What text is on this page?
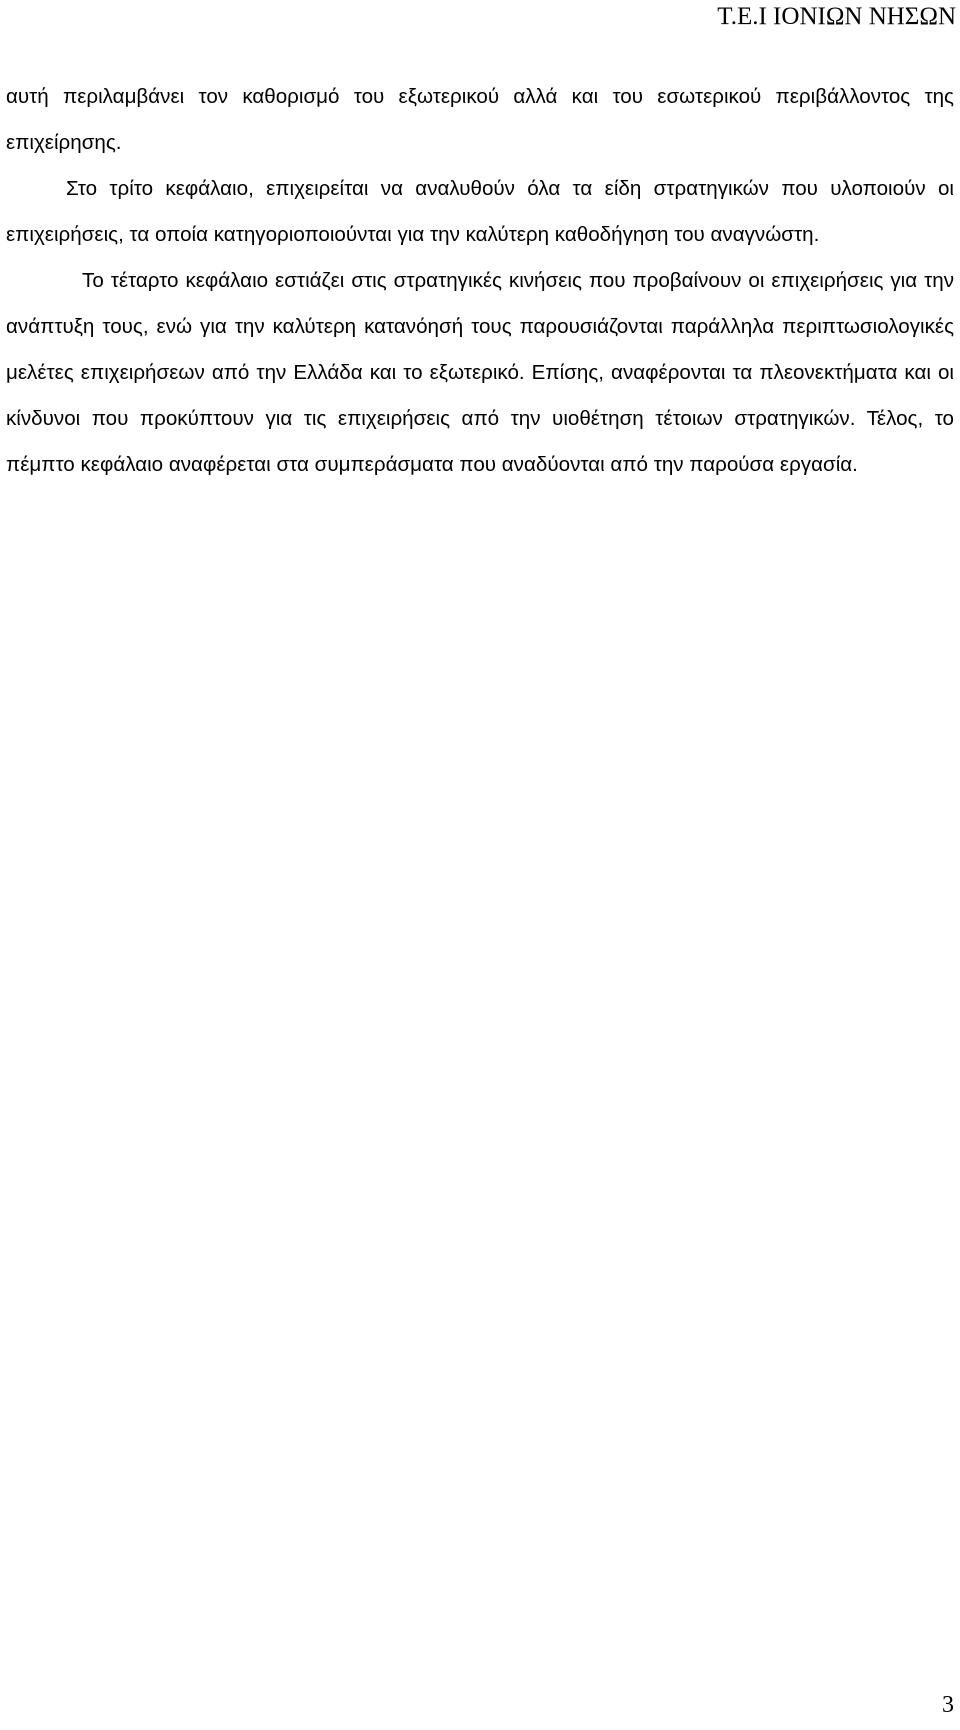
Τ.Ε.Ι ΙΟΝΙΩΝ ΝΗΣΩΝ

αυτή περιλαμβάνει τον καθορισμό του εξωτερικού αλλά και του εσωτερικού περιβάλλοντος της επιχείρησης.

Στο τρίτο κεφάλαιο, επιχειρείται να αναλυθούν όλα τα είδη στρατηγικών που υλοποιούν οι επιχειρήσεις, τα οποία κατηγοριοποιούνται για την καλύτερη καθοδήγηση του αναγνώστη.

Το τέταρτο κεφάλαιο εστιάζει στις στρατηγικές κινήσεις που προβαίνουν οι επιχειρήσεις για την ανάπτυξη τους, ενώ για την καλύτερη κατανόησή τους παρουσιάζονται παράλληλα περιπτωσιολογικές μελέτες επιχειρήσεων από την Ελλάδα και το εξωτερικό. Επίσης, αναφέρονται τα πλεονεκτήματα και οι κίνδυνοι που προκύπτουν για τις επιχειρήσεις από την υιοθέτηση τέτοιων στρατηγικών. Τέλος, το πέμπτο κεφάλαιο αναφέρεται στα συμπεράσματα που αναδύονται από την παρούσα εργασία.

3
